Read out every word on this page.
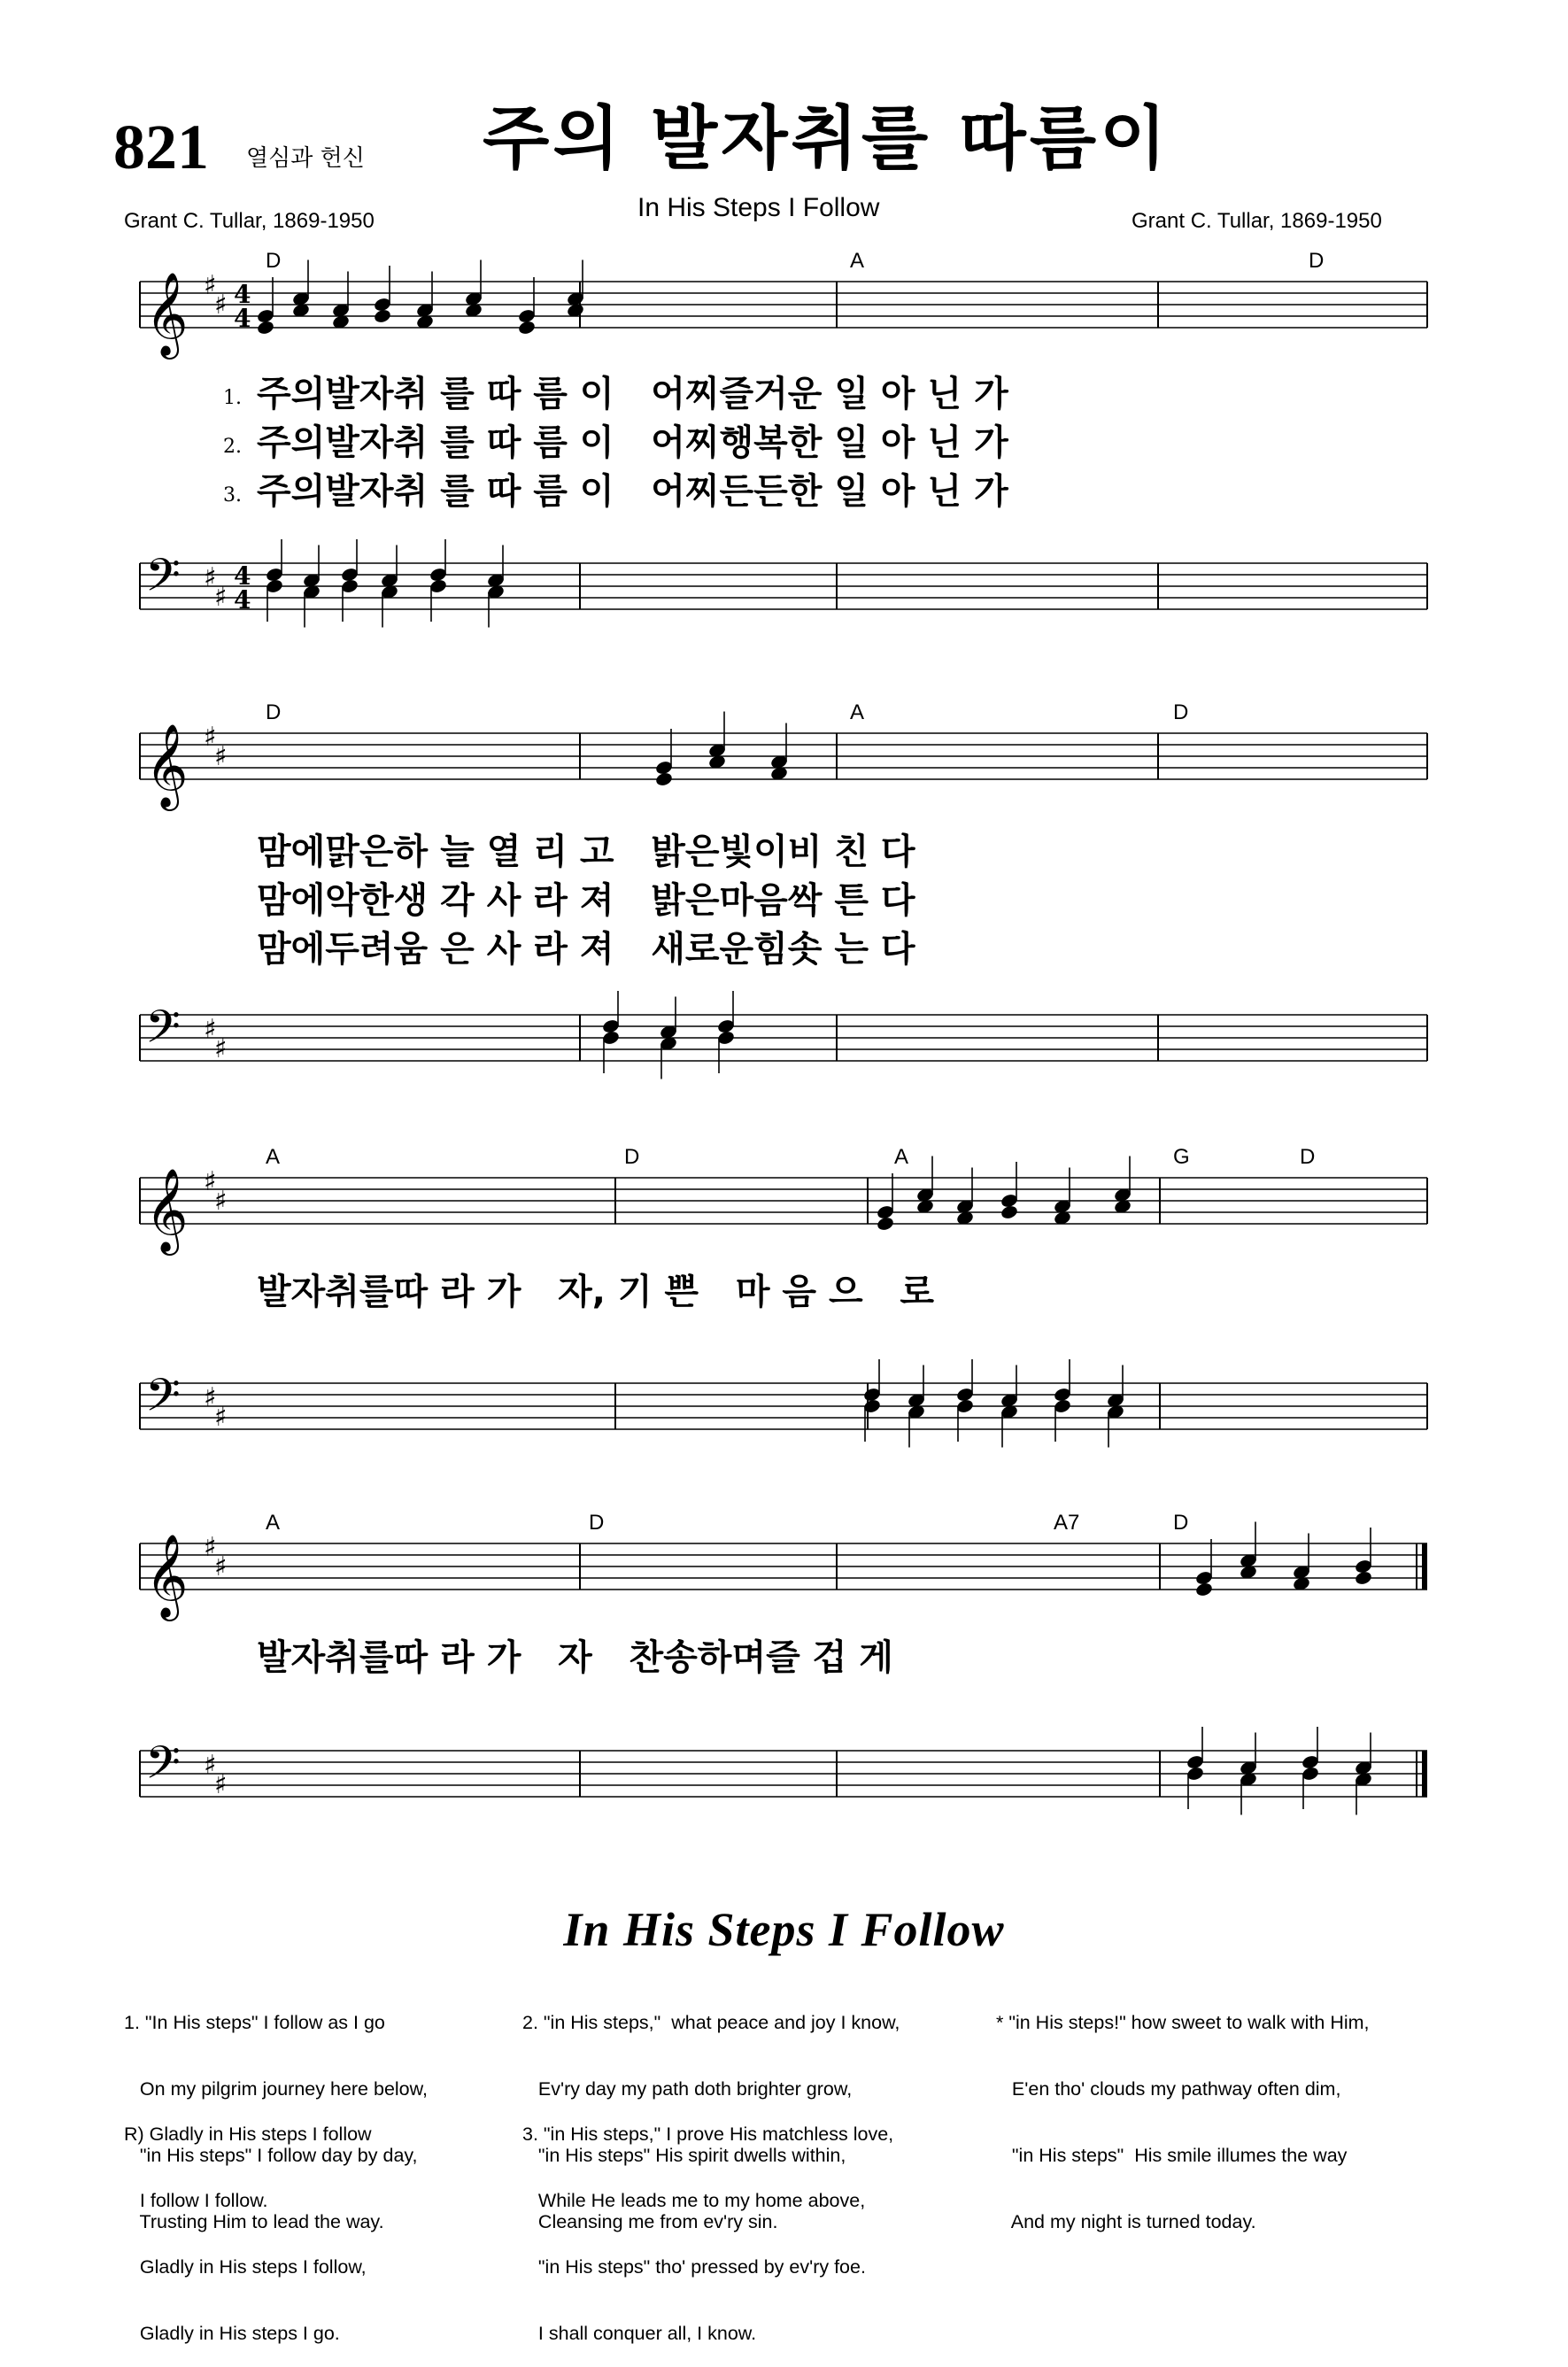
821 열심과 헌신 주의 발자취를 따름이
In His Steps I Follow
Grant C. Tullar, 1869-1950	Grant C. Tullar, 1869-1950
𝄞
𝄢
♯
♯
♯
♯
4
4
4
4
D	A	D
1. 주의발자취 를 따 름 이   어찌즐거운 일 아 닌 가
2. 주의발자취 를 따 름 이   어찌행복한 일 아 닌 가
3. 주의발자취 를 따 름 이   어찌든든한 일 아 닌 가
𝄞
𝄢
♯
♯
♯
♯
D	A	D
맘에맑은하 늘 열 리 고   밝은빛이비 친 다
맘에악한생 각 사 라 져   밝은마음싹 튼 다
맘에두려움 은 사 라 져   새로운힘솟 는 다
𝄞
𝄢
♯
♯
♯
♯
A	D	A	G	D
발자취를따 라 가   자, 기 쁜   마 음 으   로
𝄞
𝄢
♯
♯
♯
♯
A	D	A7	D
발자취를따 라 가   자   찬송하며즐 겁 게
In His Steps I Follow

1. "In His steps" I follow as I go

On my pilgrim journey here below,

"in His steps" I follow day by day,

Trusting Him to lead the way.

R) Gladly in His steps I follow

I follow I follow.

Gladly in His steps I follow,

Gladly in His steps I go.

2. "in His steps,"  what peace and joy I know,

Ev'ry day my path doth brighter grow,

"in His steps" His spirit dwells within,

Cleansing me from ev'ry sin.

3. "in His steps," I prove His matchless love,

While He leads me to my home above,

"in His steps" tho' pressed by ev'ry foe.

I shall conquer all, I know.

* "in His steps!" how sweet to walk with Him,

E'en tho' clouds my pathway often dim,

"in His steps"  His smile illumes the way

And my night is turned today.
